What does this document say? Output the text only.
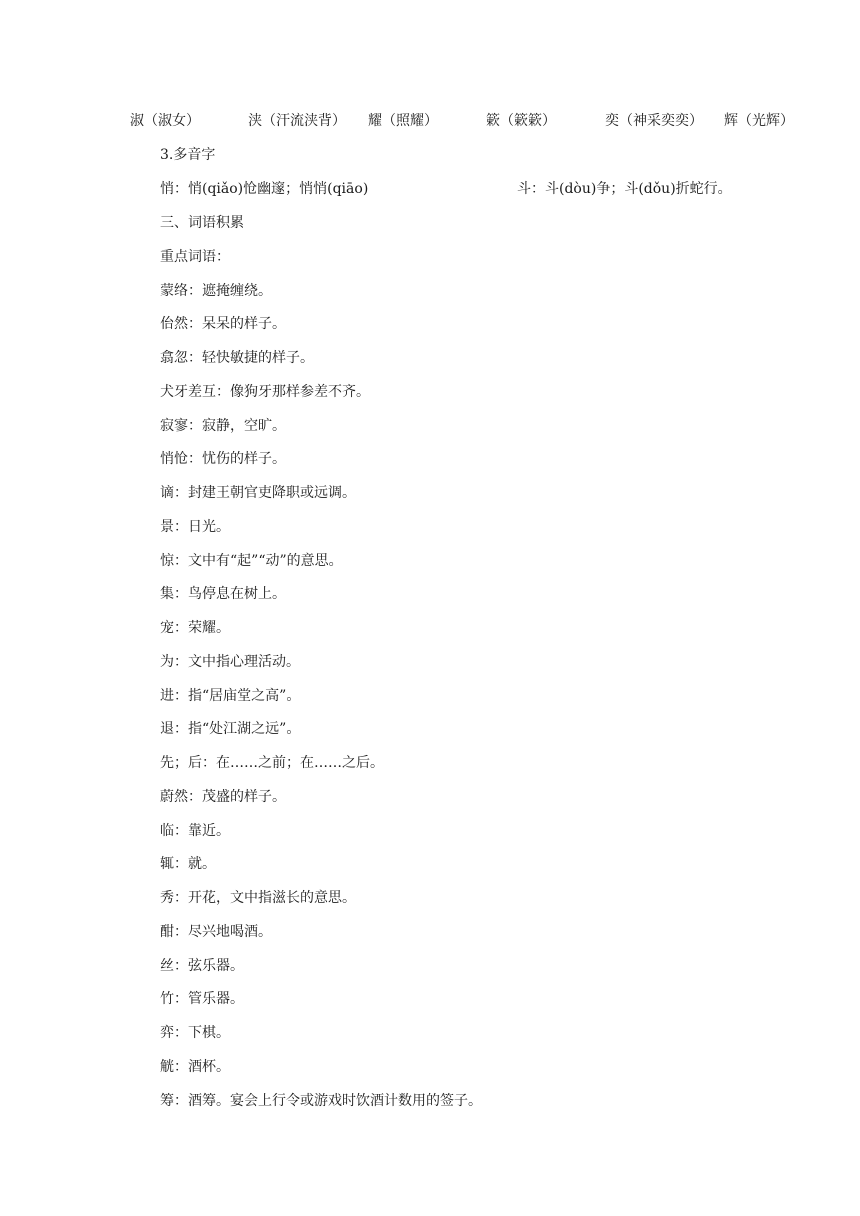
淑（淑女）	浃（汗流浃背） 耀（照耀）	簌（簌簌）	奕（神采奕奕） 辉（光辉）
3.多音字
悄：悄(qiǎo)怆幽邃；悄悄(qiāo)	斗：斗(dòu)争；斗(dǒu)折蛇行。
三、词语积累
重点词语：
蒙络：遮掩缠绕。
佁然：呆呆的样子。
翕忽：轻快敏捷的样子。
犬牙差互：像狗牙那样参差不齐。
寂寥：寂静，空旷。
悄怆：忧伤的样子。
谪：封建王朝官吏降职或远调。
景：日光。
惊：文中有“起”“动”的意思。
集：鸟停息在树上。
宠：荣耀。
为：文中指心理活动。
进：指“居庙堂之高”。
退：指“处江湖之远”。
先；后：在……之前；在……之后。
蔚然：茂盛的样子。
临：靠近。
辄：就。
秀：开花，文中指滋长的意思。
酣：尽兴地喝酒。
丝：弦乐器。
竹：管乐器。
弈：下棋。
觥：酒杯。
筹：酒筹。宴会上行令或游戏时饮酒计数用的签子。
